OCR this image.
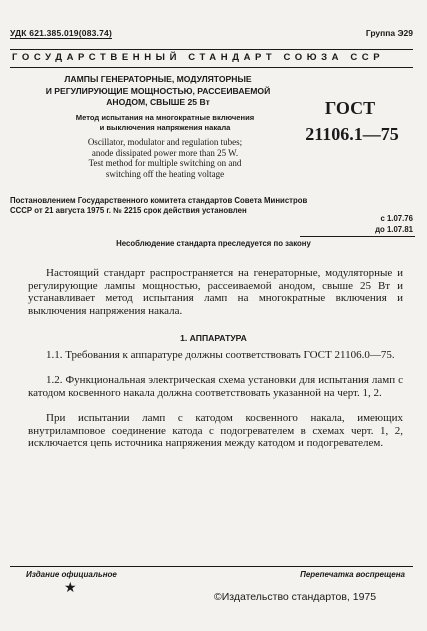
УДК 621.385.019(083.74)	Группа Э29
ГОСУДАРСТВЕННЫЙ СТАНДАРТ СОЮЗА ССР
ЛАМПЫ ГЕНЕРАТОРНЫЕ, МОДУЛЯТОРНЫЕ
И РЕГУЛИРУЮЩИЕ МОЩНОСТЬЮ, РАССЕИВАЕМОЙ
АНОДОМ, СВЫШЕ 25 Вт
Метод испытания на многократные включения
и выключения напряжения накала
Oscillator, modulator and regulation tubes;
anode dissipated power more than 25 W.
Test method for multiple switching on and
switching off the heating voltage
ГОСТ
21106.1—75
Постановлением Государственного комитета стандартов Совета Министров
СССР от 21 августа 1975 г. № 2215 срок действия установлен
с 1.07.76
до 1.07.81
Несоблюдение стандарта преследуется по закону
Настоящий стандарт распространяется на генераторные, модуляторные и регулирующие лампы мощностью, рассеиваемой анодом, свыше 25 Вт и устанавливает метод испытания ламп на многократные включения и выключения напряжения накала.
1. АППАРАТУРА
1.1. Требования к аппаратуре должны соответствовать ГОСТ 21106.0—75.
1.2. Функциональная электрическая схема установки для испытания ламп с катодом косвенного накала должна соответствовать указанной на черт. 1, 2.
При испытании ламп с катодом косвенного накала, имеющих внутриламповое соединение катода с подогревателем в схемах черт. 1, 2, исключается цепь источника напряжения между катодом и подогревателем.
Издание официальное	Перепечатка воспрещена
★
©Издательство стандартов, 1975
